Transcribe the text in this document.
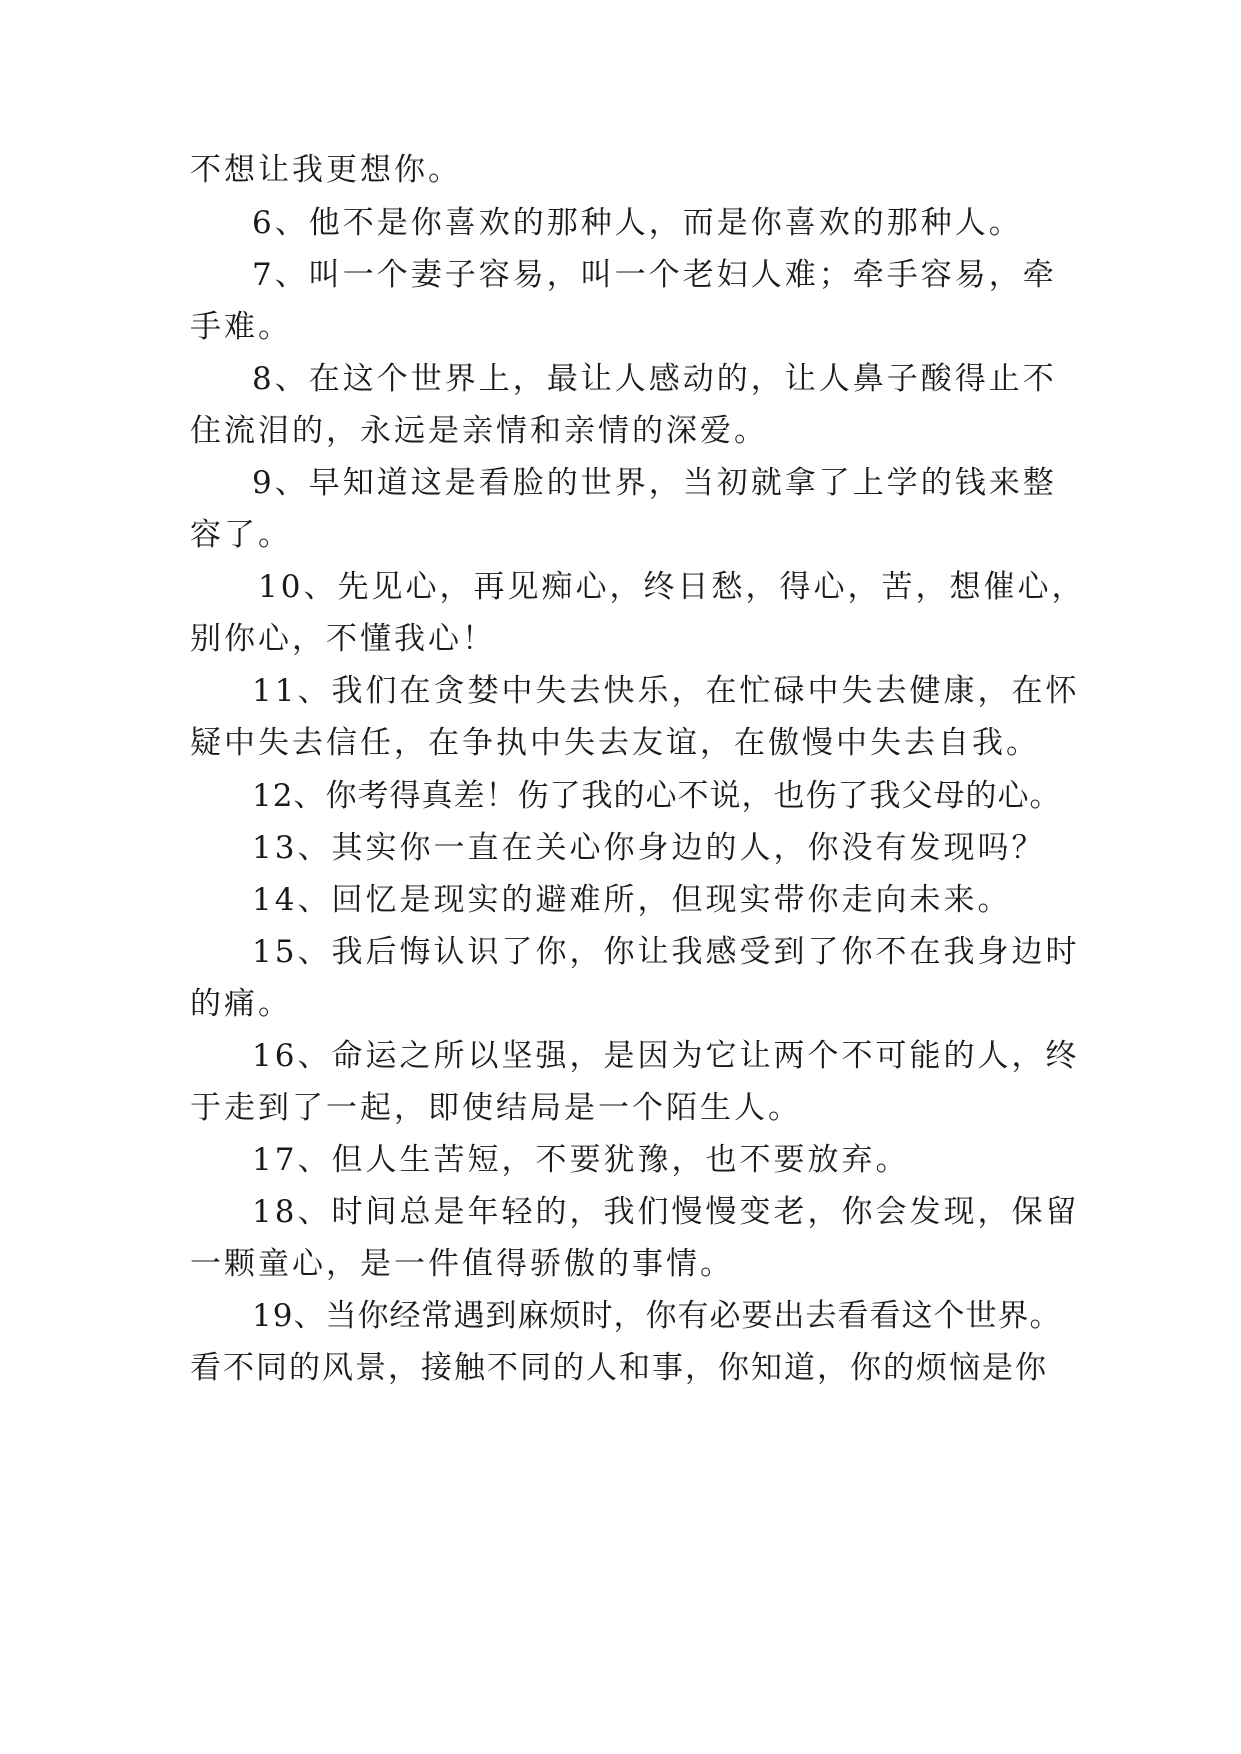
不想让我更想你。
6、他不是你喜欢的那种人，而是你喜欢的那种人。
7、叫一个妻子容易，叫一个老妇人难；牵手容易，牵
手难。
8、在这个世界上，最让人感动的，让人鼻子酸得止不
住流泪的，永远是亲情和亲情的深爱。
9、早知道这是看脸的世界，当初就拿了上学的钱来整
容了。
10、先见心，再见痴心，终日愁，得心，苦，想催心，
别你心，不懂我心！
11、我们在贪婪中失去快乐，在忙碌中失去健康，在怀
疑中失去信任，在争执中失去友谊，在傲慢中失去自我。
12、你考得真差！伤了我的心不说，也伤了我父母的心。
13、其实你一直在关心你身边的人，你没有发现吗？
14、回忆是现实的避难所，但现实带你走向未来。
15、我后悔认识了你，你让我感受到了你不在我身边时
的痛。
16、命运之所以坚强，是因为它让两个不可能的人，终
于走到了一起，即使结局是一个陌生人。
17、但人生苦短，不要犹豫，也不要放弃。
18、时间总是年轻的，我们慢慢变老，你会发现，保留
一颗童心，是一件值得骄傲的事情。
19、当你经常遇到麻烦时，你有必要出去看看这个世界。
看不同的风景，接触不同的人和事，你知道，你的烦恼是你
